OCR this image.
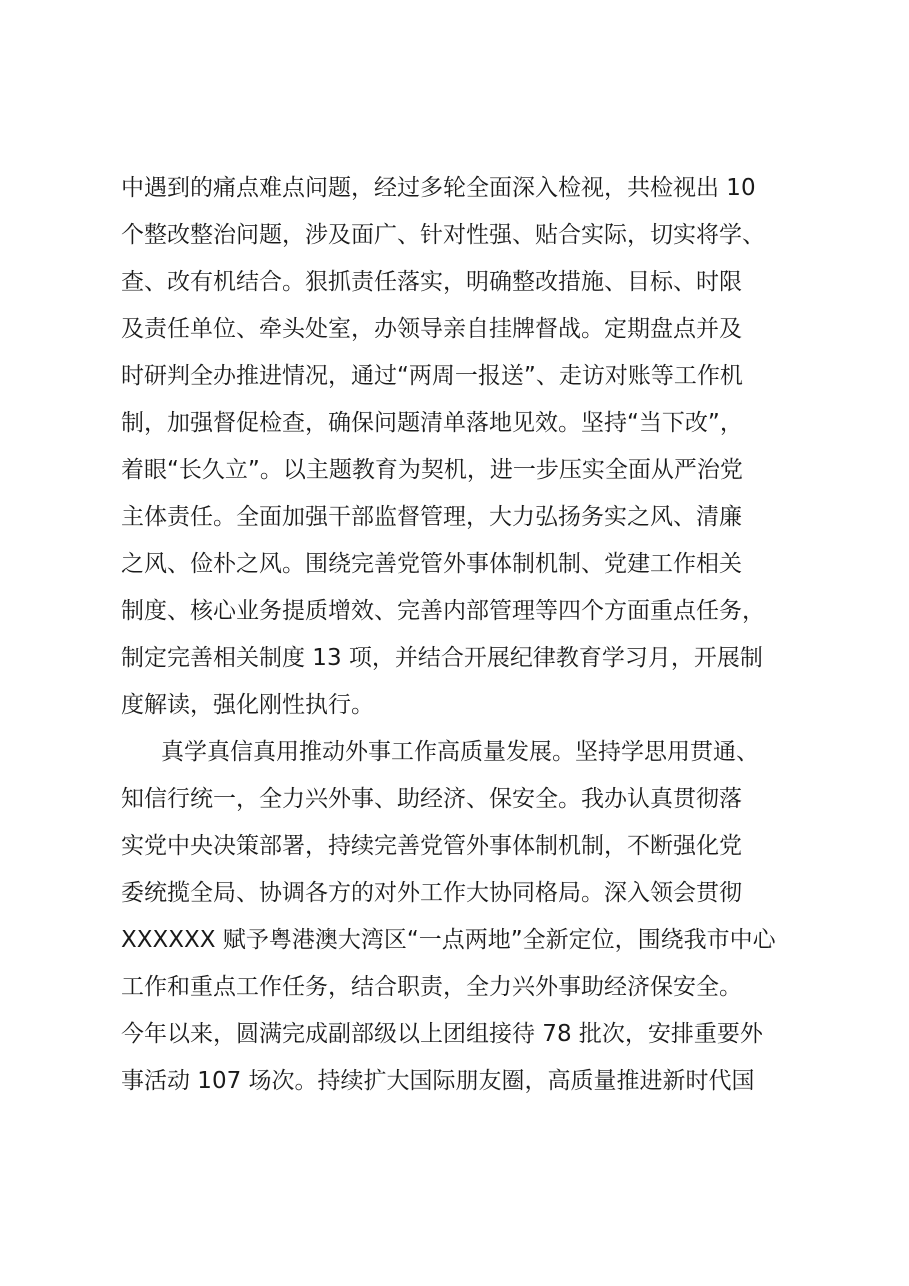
中遇到的痛点难点问题，经过多轮全面深入检视，共检视出 10

个整改整治问题，涉及面广、针对性强、贴合实际，切实将学、

查、改有机结合。狠抓责任落实，明确整改措施、目标、时限

及责任单位、牵头处室，办领导亲自挂牌督战。定期盘点并及

时研判全办推进情况，通过“两周一报送”、走访对账等工作机

制，加强督促检查，确保问题清单落地见效。坚持“当下改”，

着眼“长久立”。以主题教育为契机，进一步压实全面从严治党

主体责任。全面加强干部监督管理，大力弘扬务实之风、清廉

之风、俭朴之风。围绕完善党管外事体制机制、党建工作相关

制度、核心业务提质增效、完善内部管理等四个方面重点任务，

制定完善相关制度 13 项，并结合开展纪律教育学习月，开展制

度解读，强化刚性执行。

真学真信真用推动外事工作高质量发展。坚持学思用贯通、

知信行统一，全力兴外事、助经济、保安全。我办认真贯彻落

实党中央决策部署，持续完善党管外事体制机制，不断强化党

委统揽全局、协调各方的对外工作大协同格局。深入领会贯彻

XXXXXX 赋予粤港澳大湾区“一点两地”全新定位，围绕我市中心

工作和重点工作任务，结合职责，全力兴外事助经济保安全。

今年以来，圆满完成副部级以上团组接待 78 批次，安排重要外

事活动 107 场次。持续扩大国际朋友圈，高质量推进新时代国
